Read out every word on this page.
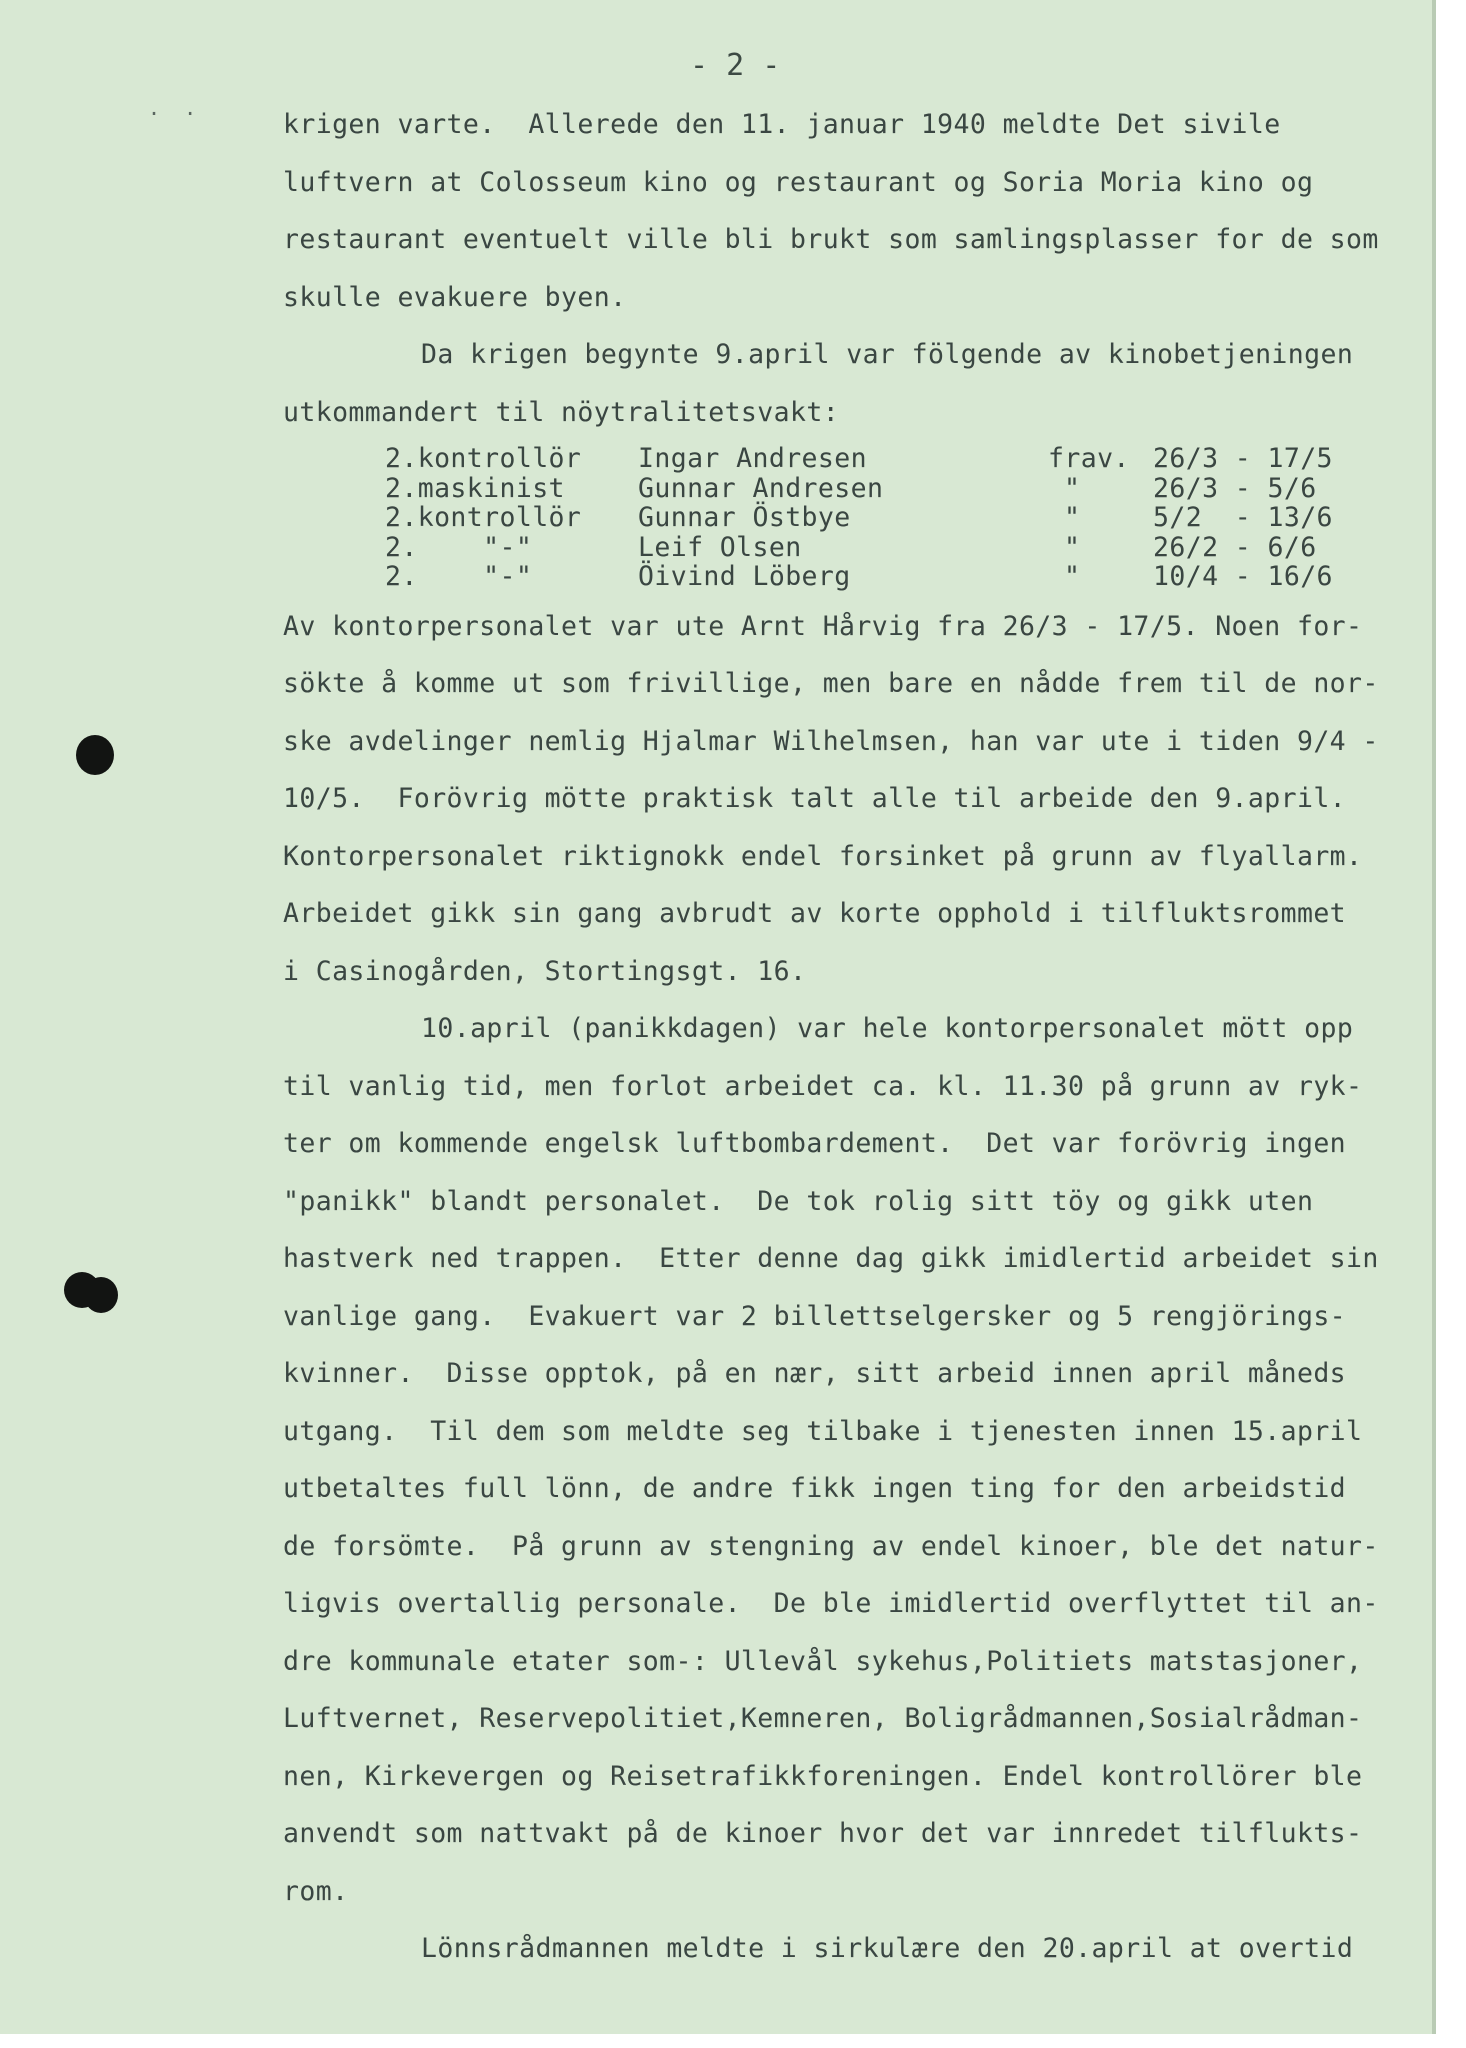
- 2 -
. .
krigen varte.  Allerede den 11. januar 1940 meldte Det sivile
luftvern at Colosseum kino og restaurant og Soria Moria kino og
restaurant eventuelt ville bli brukt som samlingsplasser for de som
skulle evakuere byen.
Da krigen begynte 9.april var fölgende av kinobetjeningen
utkommandert til nöytralitetsvakt:
2.kontrollör	Ingar Andresen	frav. 26/3 - 17/5
2.maskinist	Gunnar Andresen	"	26/3 - 5/6
2.kontrollör	Gunnar Östbye	"	5/2  - 13/6
2.    "-"	Leif Olsen	"	26/2 - 6/6
2.    "-"	Öivind Löberg	"	10/4 - 16/6
Av kontorpersonalet var ute Arnt Hårvig fra 26/3 - 17/5. Noen for-
sökte å komme ut som frivillige, men bare en nådde frem til de nor-
ske avdelinger nemlig Hjalmar Wilhelmsen, han var ute i tiden 9/4 -
10/5.  Forövrig mötte praktisk talt alle til arbeide den 9.april.
Kontorpersonalet riktignokk endel forsinket på grunn av flyallarm.
Arbeidet gikk sin gang avbrudt av korte opphold i tilfluktsrommet
i Casinogården, Stortingsgt. 16.
10.april (panikkdagen) var hele kontorpersonalet mött opp
til vanlig tid, men forlot arbeidet ca. kl. 11.30 på grunn av ryk-
ter om kommende engelsk luftbombardement.  Det var forövrig ingen
"panikk" blandt personalet.  De tok rolig sitt töy og gikk uten
hastverk ned trappen.  Etter denne dag gikk imidlertid arbeidet sin
vanlige gang.  Evakuert var 2 billettselgersker og 5 rengjörings-
kvinner.  Disse opptok, på en nær, sitt arbeid innen april måneds
utgang.  Til dem som meldte seg tilbake i tjenesten innen 15.april
utbetaltes full lönn, de andre fikk ingen ting for den arbeidstid
de forsömte.  På grunn av stengning av endel kinoer, ble det natur-
ligvis overtallig personale.  De ble imidlertid overflyttet til an-
dre kommunale etater som-: Ullevål sykehus,Politiets matstasjoner,
Luftvernet, Reservepolitiet,Kemneren, Boligrådmannen,Sosialrådman-
nen, Kirkevergen og Reisetrafikkforeningen. Endel kontrollörer ble
anvendt som nattvakt på de kinoer hvor det var innredet tilflukts-
rom.
Lönnsrådmannen meldte i sirkulære den 20.april at overtid
